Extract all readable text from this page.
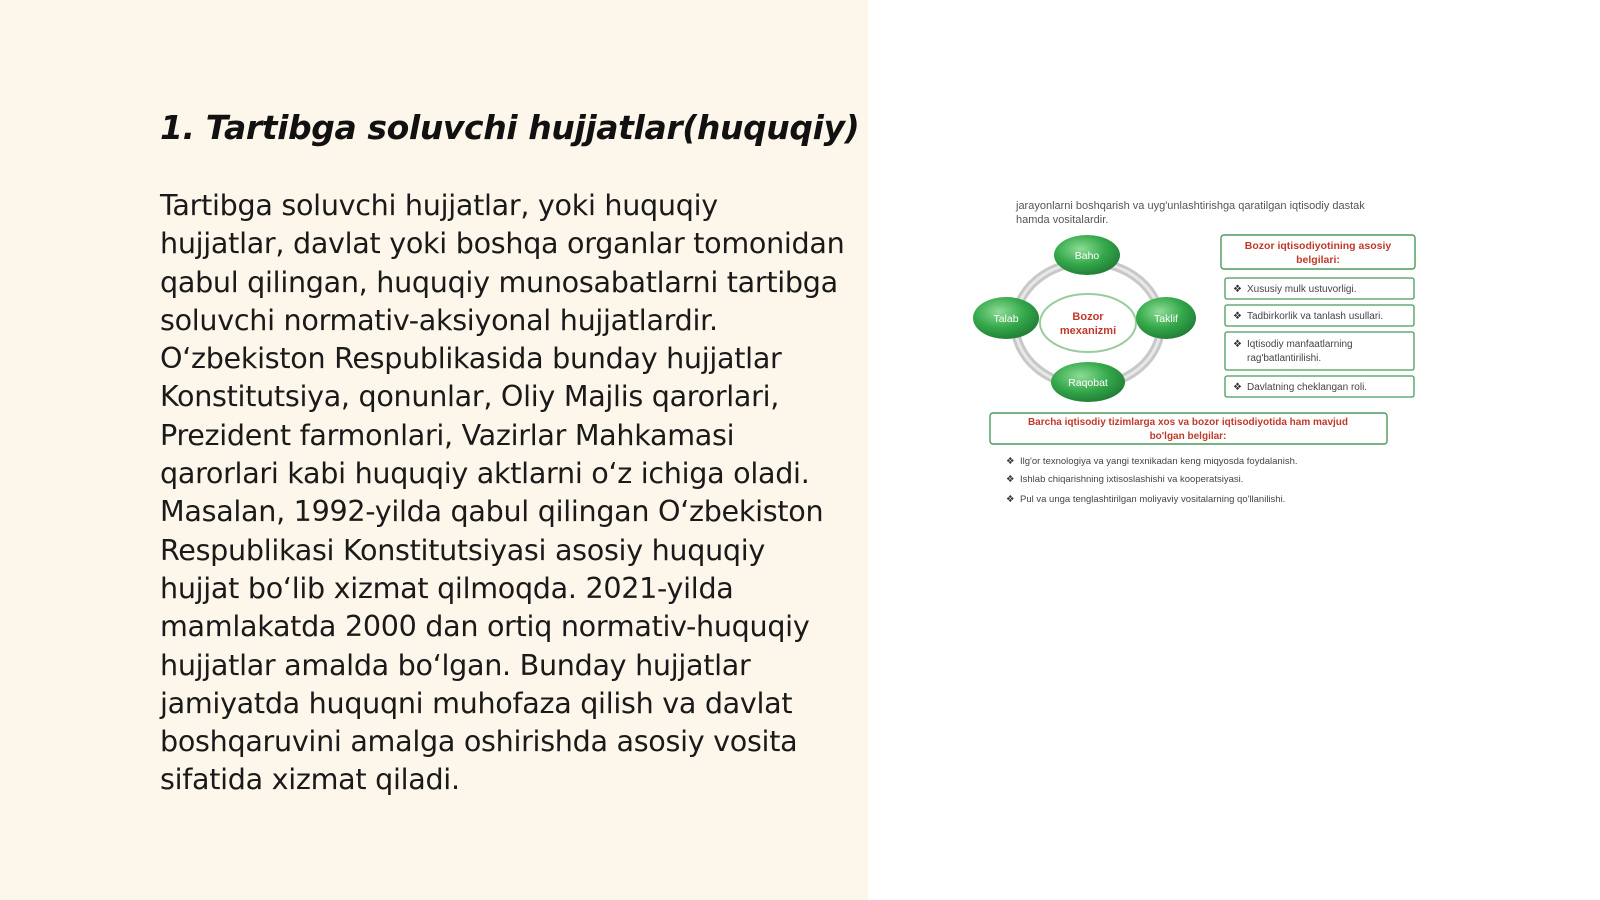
1. Tartibga soluvchi hujjatlar(huquqiy)

Tartibga soluvchi hujjatlar, yoki huquqiy hujjatlar, davlat yoki boshqa organlar tomonidan qabul qilingan, huquqiy munosabatlarni tartibga soluvchi normativ-aksiyonal hujjatlardir. O‘zbekiston Respublikasida bunday hujjatlar Konstitutsiya, qonunlar, Oliy Majlis qarorlari, Prezident farmonlari, Vazirlar Mahkamasi qarorlari kabi huquqiy aktlarni o‘z ichiga oladi. Masalan, 1992-yilda qabul qilingan O‘zbekiston Respublikasi Konstitutsiyasi asosiy huquqiy hujjat bo‘lib xizmat qilmoqda. 2021-yilda mamlakatda 2000 dan ortiq normativ-huquqiy hujjatlar amalda bo‘lgan. Bunday hujjatlar jamiyatda huquqni muhofaza qilish va davlat boshqaruvini amalga oshirishda asosiy vosita sifatida xizmat qiladi.

jarayonlarni boshqarish va uyg'unlashtirishga qaratilgan iqtisodiy dastak
hamda vositalardir.
Bozor
mexanizmi
Baho
Talab	Taklif
Raqobat
Bozor iqtisodiyotining asosiy
belgilari:
❖ Xususiy mulk ustuvorligi.
❖ Tadbirkorlik va tanlash usullari.
❖ Iqtisodiy manfaatlarning
rag'batlantirilishi.
❖ Davlatning cheklangan roli.
Barcha iqtisodiy tizimlarga xos va bozor iqtisodiyotida ham mavjud
bo'lgan belgilar:
❖ Ilg'or texnologiya va yangi texnikadan keng miqyosda foydalanish.
❖ Ishlab chiqarishning ixtisoslashishi va kooperatsiyasi.
❖ Pul va unga tenglashtirilgan moliyaviy vositalarning qo'llanilishi.
